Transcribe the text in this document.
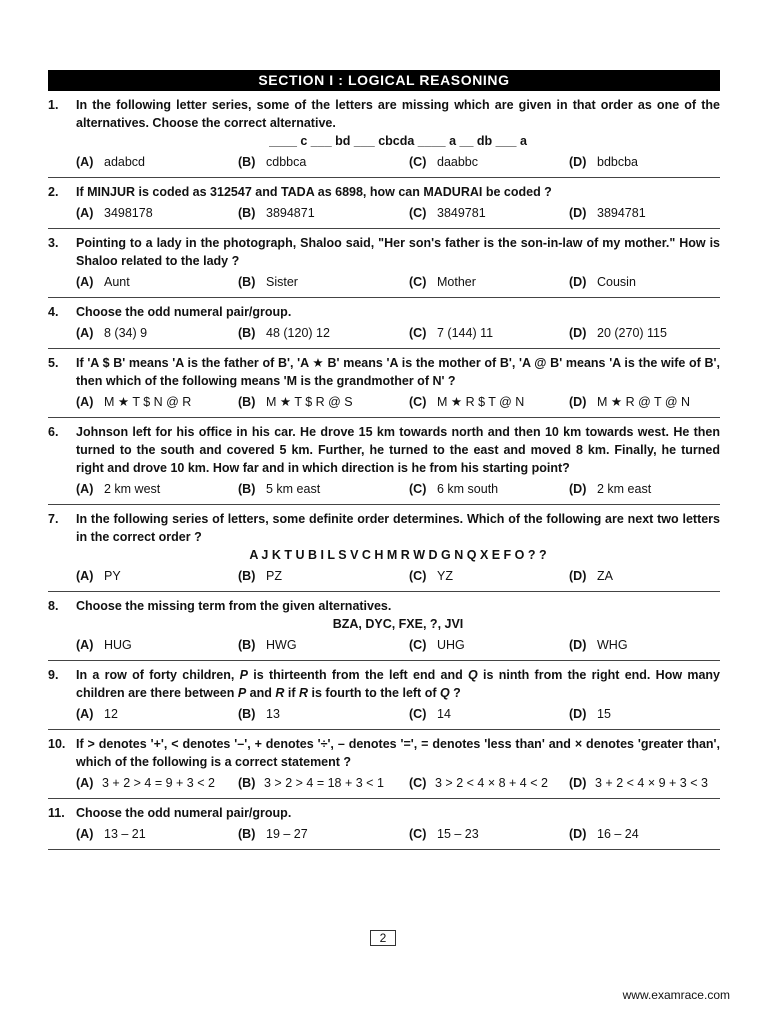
SECTION I : LOGICAL REASONING
1.	In the following letter series, some of the letters are missing which are given in that order as one of the alternatives. Choose the correct alternative.
____ c ___ bd ___ cbcda ____ a __ db ___ a
(A) adabcd	(B) cdbbca	(C) daabbc	(D) bdbcba
2.	If MINJUR is coded as 312547 and TADA as 6898, how can MADURAI be coded ?
(A) 3498178	(B) 3894871	(C) 3849781	(D) 3894781
3.	Pointing to a lady in the photograph, Shaloo said, "Her son's father is the son-in-law of my mother." How is Shaloo related to the lady ?
(A) Aunt	(B) Sister	(C) Mother	(D) Cousin
4.	Choose the odd numeral pair/group.
(A) 8 (34) 9	(B) 48 (120) 12	(C) 7 (144) 11	(D) 20 (270) 115
5.	If 'A $ B' means 'A is the father of B', 'A ★ B' means 'A is the mother of B', 'A @ B' means 'A is the wife of B', then which of the following means 'M is the grandmother of N' ?
(A) M ★ T $ N @ R	(B) M ★ T $ R @ S	(C) M ★ R $ T @ N	(D) M ★ R @ T @ N
6.	Johnson left for his office in his car. He drove 15 km towards north and then 10 km towards west. He then turned to the south and covered 5 km. Further, he turned to the east and moved 8 km. Finally, he turned right and drove 10 km. How far and in which direction is he from his starting point?
(A) 2 km west	(B) 5 km east	(C) 6 km south	(D) 2 km east
7.	In the following series of letters, some definite order determines. Which of the following are next two letters in the correct order ?
A J K T U B I L S V C H M R W D G N Q X E F O ? ?
(A) PY	(B) PZ	(C) YZ	(D) ZA
8.	Choose the missing term from the given alternatives.
BZA, DYC, FXE, ?, JVI
(A) HUG	(B) HWG	(C) UHG	(D) WHG
9.	In a row of forty children, P is thirteenth from the left end and Q is ninth from the right end. How many children are there between P and R if R is fourth to the left of Q ?
(A) 12	(B) 13	(C) 14	(D) 15
10. If > denotes '+', < denotes '–', + denotes '÷', – denotes '=', = denotes 'less than' and × denotes 'greater than', which of the following is a correct statement ?
(A) 3 + 2 > 4 = 9 + 3 < 2 (B) 3 > 2 > 4 = 18 + 3 < 1 (C) 3 > 2 < 4 × 8 + 4 < 2 (D) 3 + 2 < 4 × 9 + 3 < 3
11. Choose the odd numeral pair/group.
(A) 13 – 21	(B) 19 – 27	(C) 15 – 23	(D) 16 – 24
2
www.examrace.com
